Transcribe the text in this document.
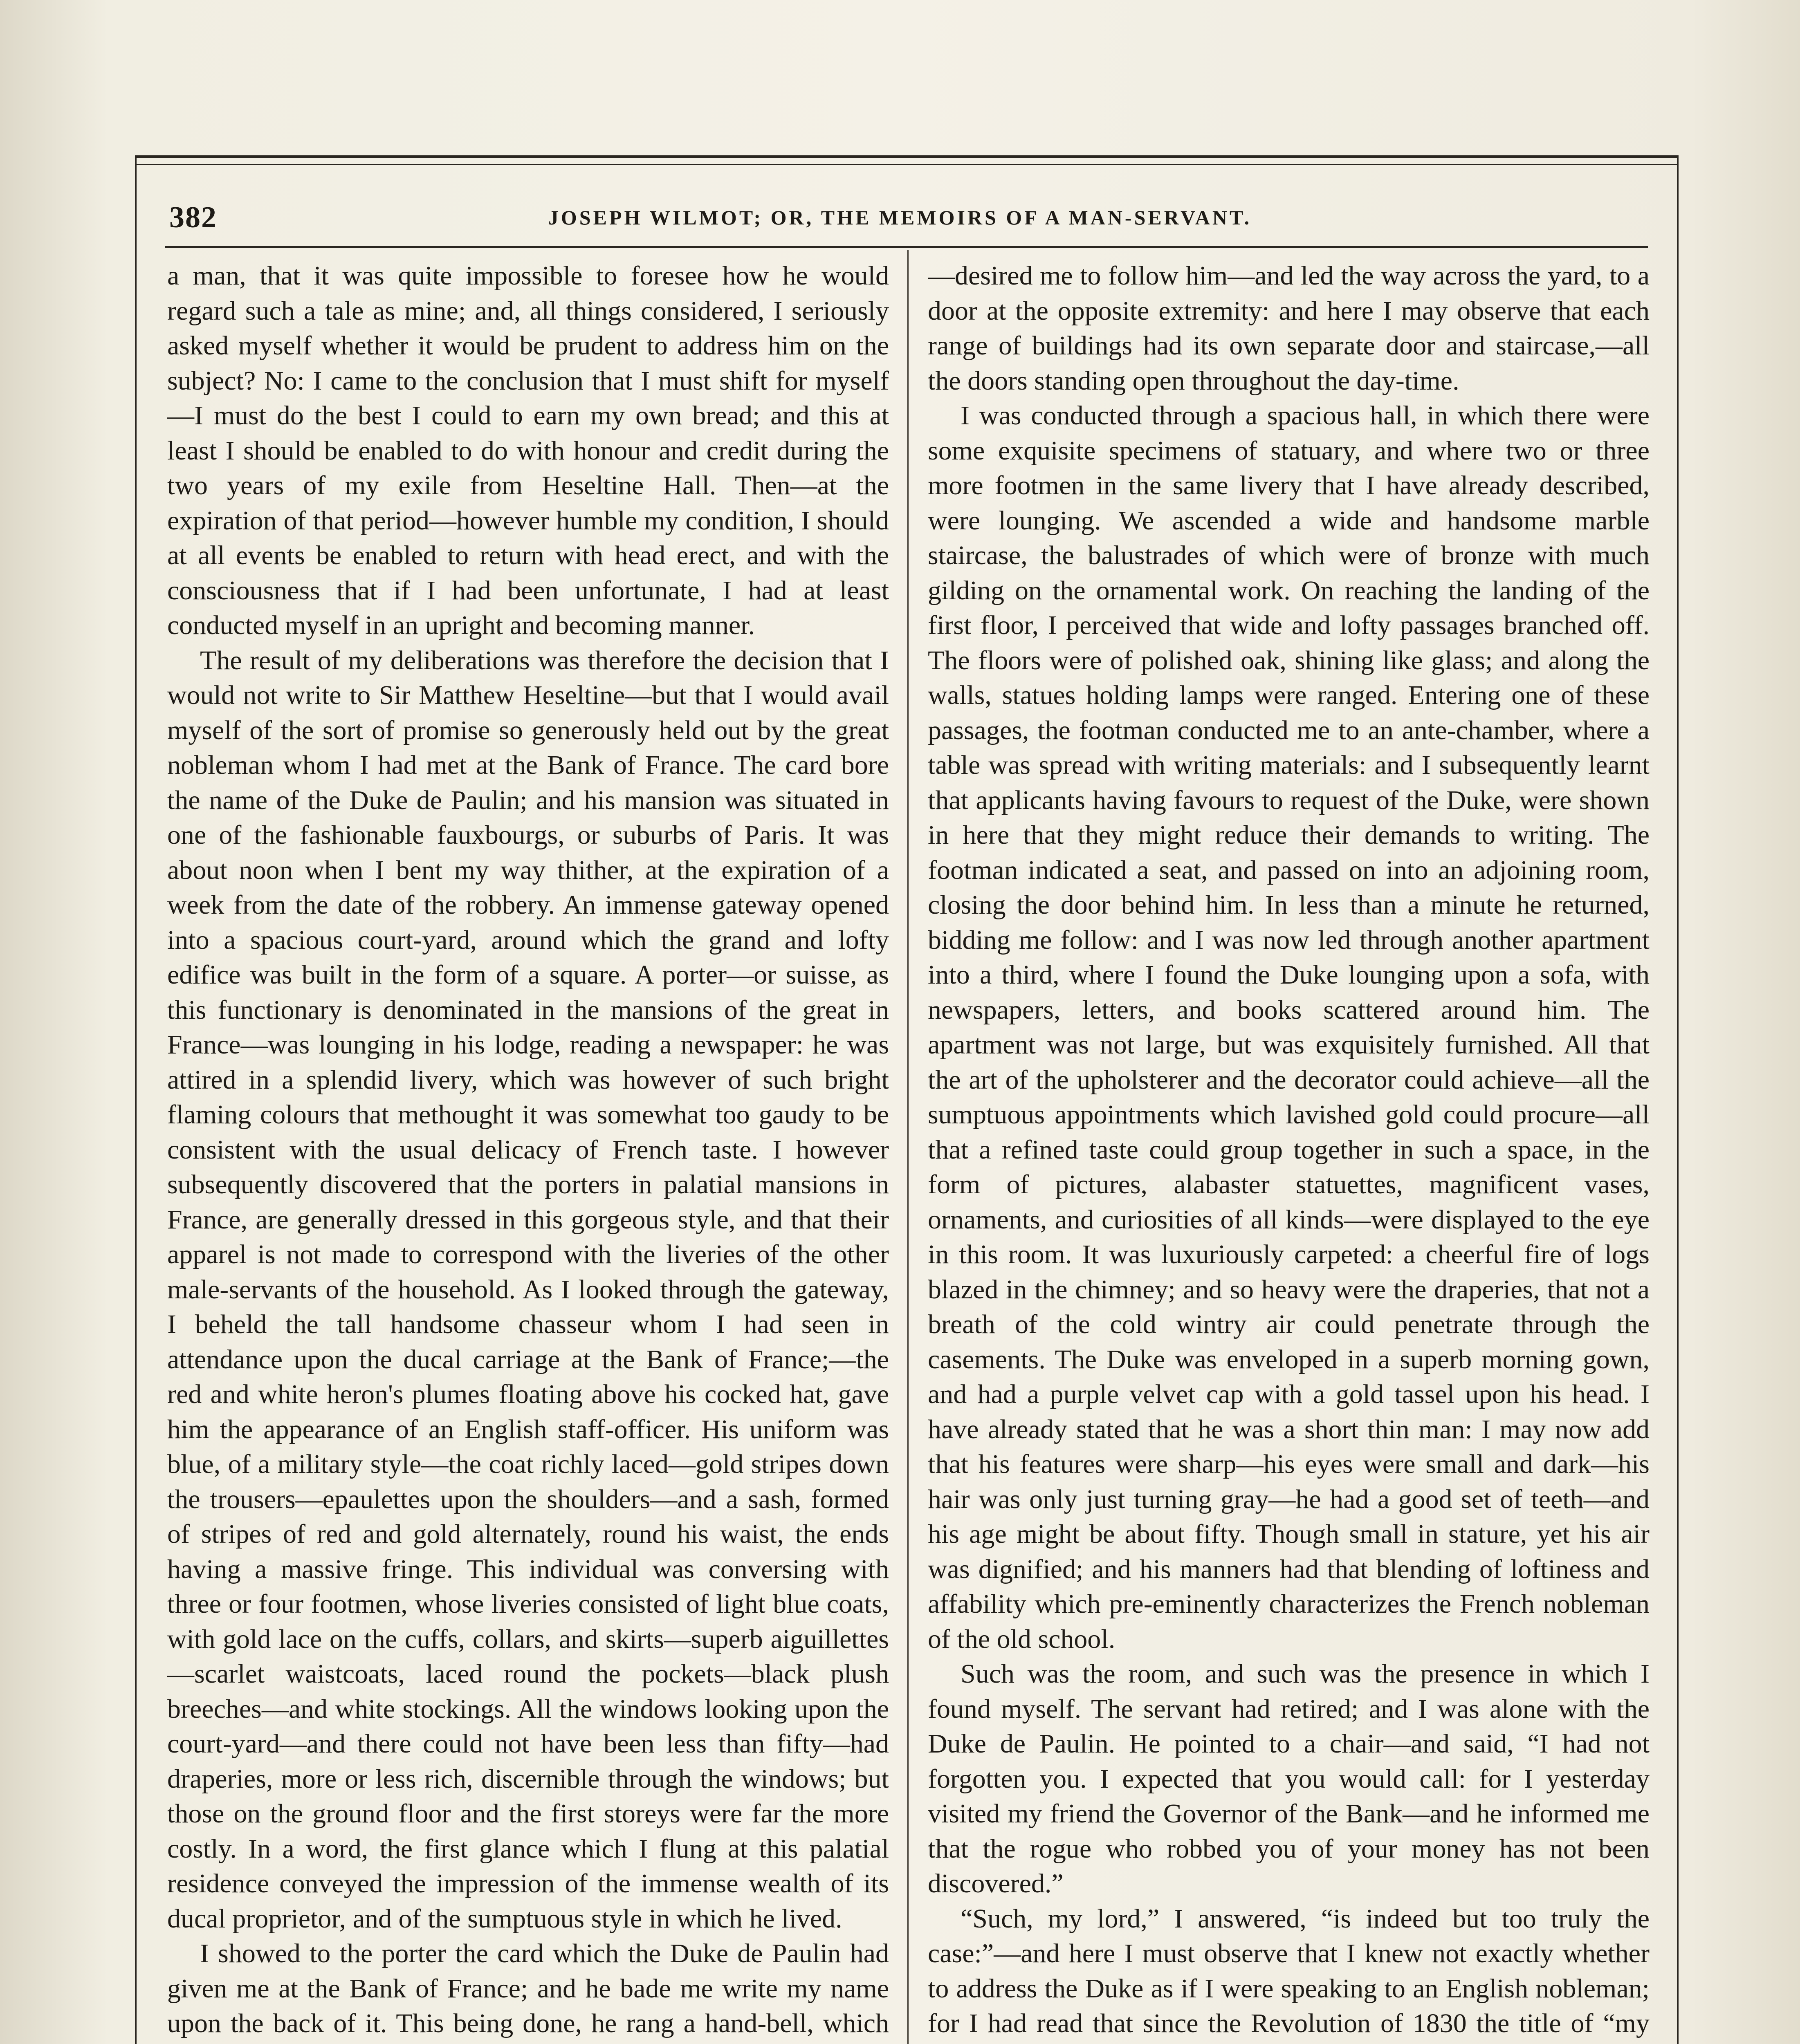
382	JOSEPH WILMOT; OR, THE MEMOIRS OF A MAN-SERVANT.

a man, that it was quite impossible to foresee how he would regard such a tale as mine; and, all things considered, I seriously asked myself whether it would be prudent to address him on the subject? No: I came to the conclusion that I must shift for myself—I must do the best I could to earn my own bread; and this at least I should be enabled to do with honour and credit during the two years of my exile from Heseltine Hall. Then—at the expiration of that period—however humble my condition, I should at all events be enabled to return with head erect, and with the consciousness that if I had been unfortunate, I had at least conducted myself in an upright and becoming manner.

The result of my deliberations was therefore the decision that I would not write to Sir Matthew Heseltine—but that I would avail myself of the sort of promise so generously held out by the great nobleman whom I had met at the Bank of France. The card bore the name of the Duke de Paulin; and his mansion was situated in one of the fashionable fauxbourgs, or suburbs of Paris. It was about noon when I bent my way thither, at the expiration of a week from the date of the robbery. An immense gateway opened into a spacious court-yard, around which the grand and lofty edifice was built in the form of a square. A porter—or suisse, as this functionary is denominated in the mansions of the great in France—was lounging in his lodge, reading a newspaper: he was attired in a splendid livery, which was however of such bright flaming colours that methought it was somewhat too gaudy to be consistent with the usual delicacy of French taste. I however subsequently discovered that the porters in palatial mansions in France, are generally dressed in this gorgeous style, and that their apparel is not made to correspond with the liveries of the other male-servants of the household. As I looked through the gateway, I beheld the tall handsome chasseur whom I had seen in attendance upon the ducal carriage at the Bank of France;—the red and white heron's plumes floating above his cocked hat, gave him the appearance of an English staff-officer. His uniform was blue, of a military style—the coat richly laced—gold stripes down the trousers—epaulettes upon the shoulders—and a sash, formed of stripes of red and gold alternately, round his waist, the ends having a massive fringe. This individual was conversing with three or four footmen, whose liveries consisted of light blue coats, with gold lace on the cuffs, collars, and skirts—superb aiguillettes—scarlet waistcoats, laced round the pockets—black plush breeches—and white stockings. All the windows looking upon the court-yard—and there could not have been less than fifty—had draperies, more or less rich, discernible through the windows; but those on the ground floor and the first storeys were far the more costly. In a word, the first glance which I flung at this palatial residence conveyed the impression of the immense wealth of its ducal proprietor, and of the sumptuous style in which he lived.

I showed to the porter the card which the Duke de Paulin had given me at the Bank of France; and he bade me write my name upon the back of it. This being done, he rang a hand-bell, which

—desired me to follow him—and led the way across the yard, to a door at the opposite extremity: and here I may observe that each range of buildings had its own separate door and staircase,—all the doors standing open throughout the day-time.

I was conducted through a spacious hall, in which there were some exquisite specimens of statuary, and where two or three more footmen in the same livery that I have already described, were lounging. We ascended a wide and handsome marble staircase, the balustrades of which were of bronze with much gilding on the ornamental work. On reaching the landing of the first floor, I perceived that wide and lofty passages branched off. The floors were of polished oak, shining like glass; and along the walls, statues holding lamps were ranged. Entering one of these passages, the footman conducted me to an ante-chamber, where a table was spread with writing materials: and I subsequently learnt that applicants having favours to request of the Duke, were shown in here that they might reduce their demands to writing. The footman indicated a seat, and passed on into an adjoining room, closing the door behind him. In less than a minute he returned, bidding me follow: and I was now led through another apartment into a third, where I found the Duke lounging upon a sofa, with newspapers, letters, and books scattered around him. The apartment was not large, but was exquisitely furnished. All that the art of the upholsterer and the decorator could achieve—all the sumptuous appointments which lavished gold could procure—all that a refined taste could group together in such a space, in the form of pictures, alabaster statuettes, magnificent vases, ornaments, and curiosities of all kinds—were displayed to the eye in this room. It was luxuriously carpeted: a cheerful fire of logs blazed in the chimney; and so heavy were the draperies, that not a breath of the cold wintry air could penetrate through the casements. The Duke was enveloped in a superb morning gown, and had a purple velvet cap with a gold tassel upon his head. I have already stated that he was a short thin man: I may now add that his features were sharp—his eyes were small and dark—his hair was only just turning gray—he had a good set of teeth—and his age might be about fifty. Though small in stature, yet his air was dignified; and his manners had that blending of loftiness and affability which pre-eminently characterizes the French nobleman of the old school.

Such was the room, and such was the presence in which I found myself. The servant had retired; and I was alone with the Duke de Paulin. He pointed to a chair—and said, “I had not forgotten you. I expected that you would call: for I yesterday visited my friend the Governor of the Bank—and he informed me that the rogue who robbed you of your money has not been discovered.”

“Such, my lord,” I answered, “is indeed but too truly the case:”—and here I must observe that I knew not exactly whether to address the Duke as if I were speaking to an English nobleman; for I had read that since the Revolution of 1830 the title of “my
